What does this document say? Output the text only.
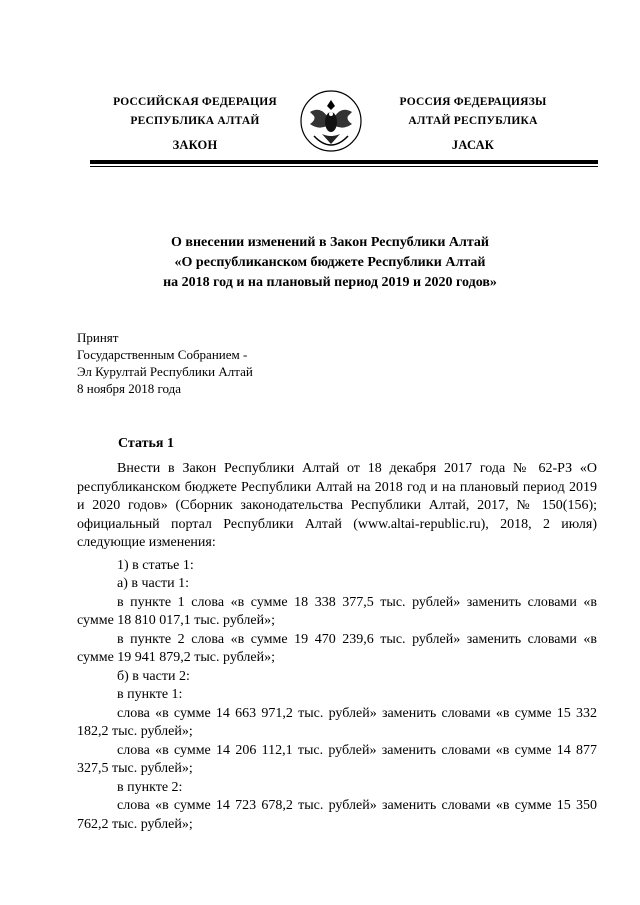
РОССИЙСКАЯ ФЕДЕРАЦИЯ
РЕСПУБЛИКА АЛТАЙ
ЗАКОН
РОССИЯ ФЕДЕРАЦИЯЗЫ
АЛТАЙ РЕСПУБЛИКА
JАСАК
О внесении изменений в Закон Республики Алтай
«О республиканском бюджете Республики Алтай
на 2018 год и на плановый период 2019 и 2020 годов»
Принят
Государственным Собранием -
Эл Курултай Республики Алтай
8 ноября 2018 года
Статья 1

Внести в Закон Республики Алтай от 18 декабря 2017 года № 62-РЗ «О республиканском бюджете Республики Алтай на 2018 год и на плановый период 2019 и 2020 годов» (Сборник законодательства Республики Алтай, 2017, № 150(156); официальный портал Республики Алтай (www.altai-republic.ru), 2018, 2 июля) следующие изменения:

1) в статье 1:

а) в части 1:

в пункте 1 слова «в сумме 18 338 377,5 тыс. рублей» заменить словами «в сумме 18 810 017,1 тыс. рублей»;

в пункте 2 слова «в сумме 19 470 239,6 тыс. рублей» заменить словами «в сумме 19 941 879,2 тыс. рублей»;

б) в части 2:

в пункте 1:

слова «в сумме 14 663 971,2 тыс. рублей» заменить словами «в сумме 15 332 182,2 тыс. рублей»;

слова «в сумме 14 206 112,1 тыс. рублей» заменить словами «в сумме 14 877 327,5 тыс. рублей»;

в пункте 2:

слова «в сумме 14 723 678,2 тыс. рублей» заменить словами «в сумме 15 350 762,2 тыс. рублей»;
